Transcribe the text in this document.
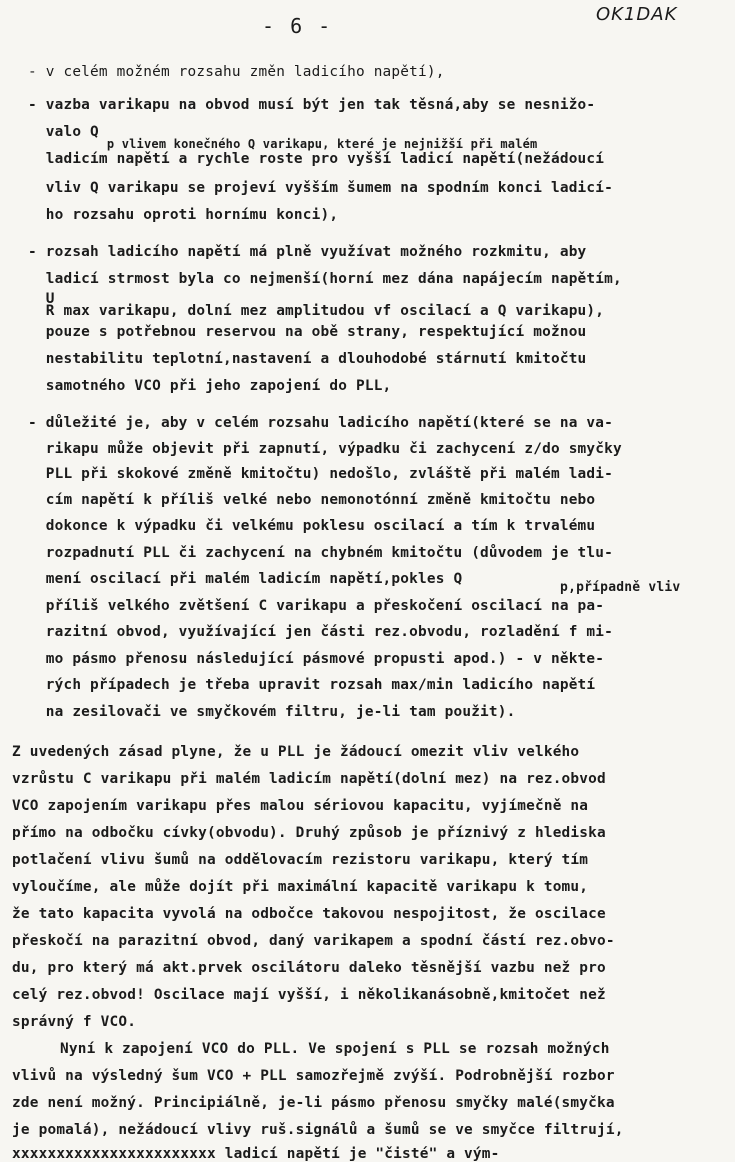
- 6 -	OK1DAK
- v celém možném rozsahu změn ladicího napětí),
- vazba varikapu na obvod musí být jen tak těsná,aby se nesnižo-
valo Q
p vlivem konečného Q varikapu, které je nejnižší při malém
ladicím napětí a rychle roste pro vyšší ladicí napětí(nežádoucí
vliv Q varikapu se projeví vyšším šumem na spodním konci ladicí-
ho rozsahu oproti hornímu konci),
- rozsah ladicího napětí má plně využívat možného rozkmitu, aby
ladicí strmost byla co nejmenší(horní mez dána napájecím napětím,
U
R max varikapu, dolní mez amplitudou vf oscilací a Q varikapu),
pouze s potřebnou reservou na obě strany, respektující možnou
nestabilitu teplotní,nastavení a dlouhodobé stárnutí kmitočtu
samotného VCO při jeho zapojení do PLL,
- důležité je, aby v celém rozsahu ladicího napětí(které se na va-
rikapu může objevit při zapnutí, výpadku či zachycení z/do smyčky
PLL při skokové změně kmitočtu) nedošlo, zvláště při malém ladi-
cím napětí k příliš velké nebo nemonotónní změně kmitočtu nebo
dokonce k výpadku či velkému poklesu oscilací a tím k trvalému
rozpadnutí PLL či zachycení na chybném kmitočtu (důvodem je tlu-
mení oscilací při malém ladicím napětí,pokles Q
p,případně vliv
příliš velkého zvětšení C varikapu a přeskočení oscilací na pa-
razitní obvod, využívající jen části rez.obvodu, rozladění f mi-
mo pásmo přenosu následující pásmové propusti apod.) - v někte-
rých případech je třeba upravit rozsah max/min ladicího napětí
na zesilovači ve smyčkovém filtru, je-li tam použit).
Z uvedených zásad plyne, že u PLL je žádoucí omezit vliv velkého
vzrůstu C varikapu při malém ladicím napětí(dolní mez) na rez.obvod
VCO zapojením varikapu přes malou sériovou kapacitu, vyjímečně na
přímo na odbočku cívky(obvodu). Druhý způsob je příznivý z hlediska
potlačení vlivu šumů na oddělovacím rezistoru varikapu, který tím
vyloučíme, ale může dojít při maximální kapacitě varikapu k tomu,
že tato kapacita vyvolá na odbočce takovou nespojitost, že oscilace
přeskočí na parazitní obvod, daný varikapem a spodní částí rez.obvo-
du, pro který má akt.prvek oscilátoru daleko těsnější vazbu než pro
celý rez.obvod! Oscilace mají vyšší, i několikanásobně,kmitočet než
správný f VCO.
Nyní k zapojení VCO do PLL. Ve spojení s PLL se rozsah možných
vlivů na výsledný šum VCO + PLL samozřejmě zvýší. Podrobnější rozbor
zde není možný. Principiálně, je-li pásmo přenosu smyčky malé(smyčka
je pomalá), nežádoucí vlivy ruš.signálů a šumů se ve smyčce filtrují,
xxxxxxxxxxxxxxxxxxxxxxx ladicí napětí je "čisté" a vým-
